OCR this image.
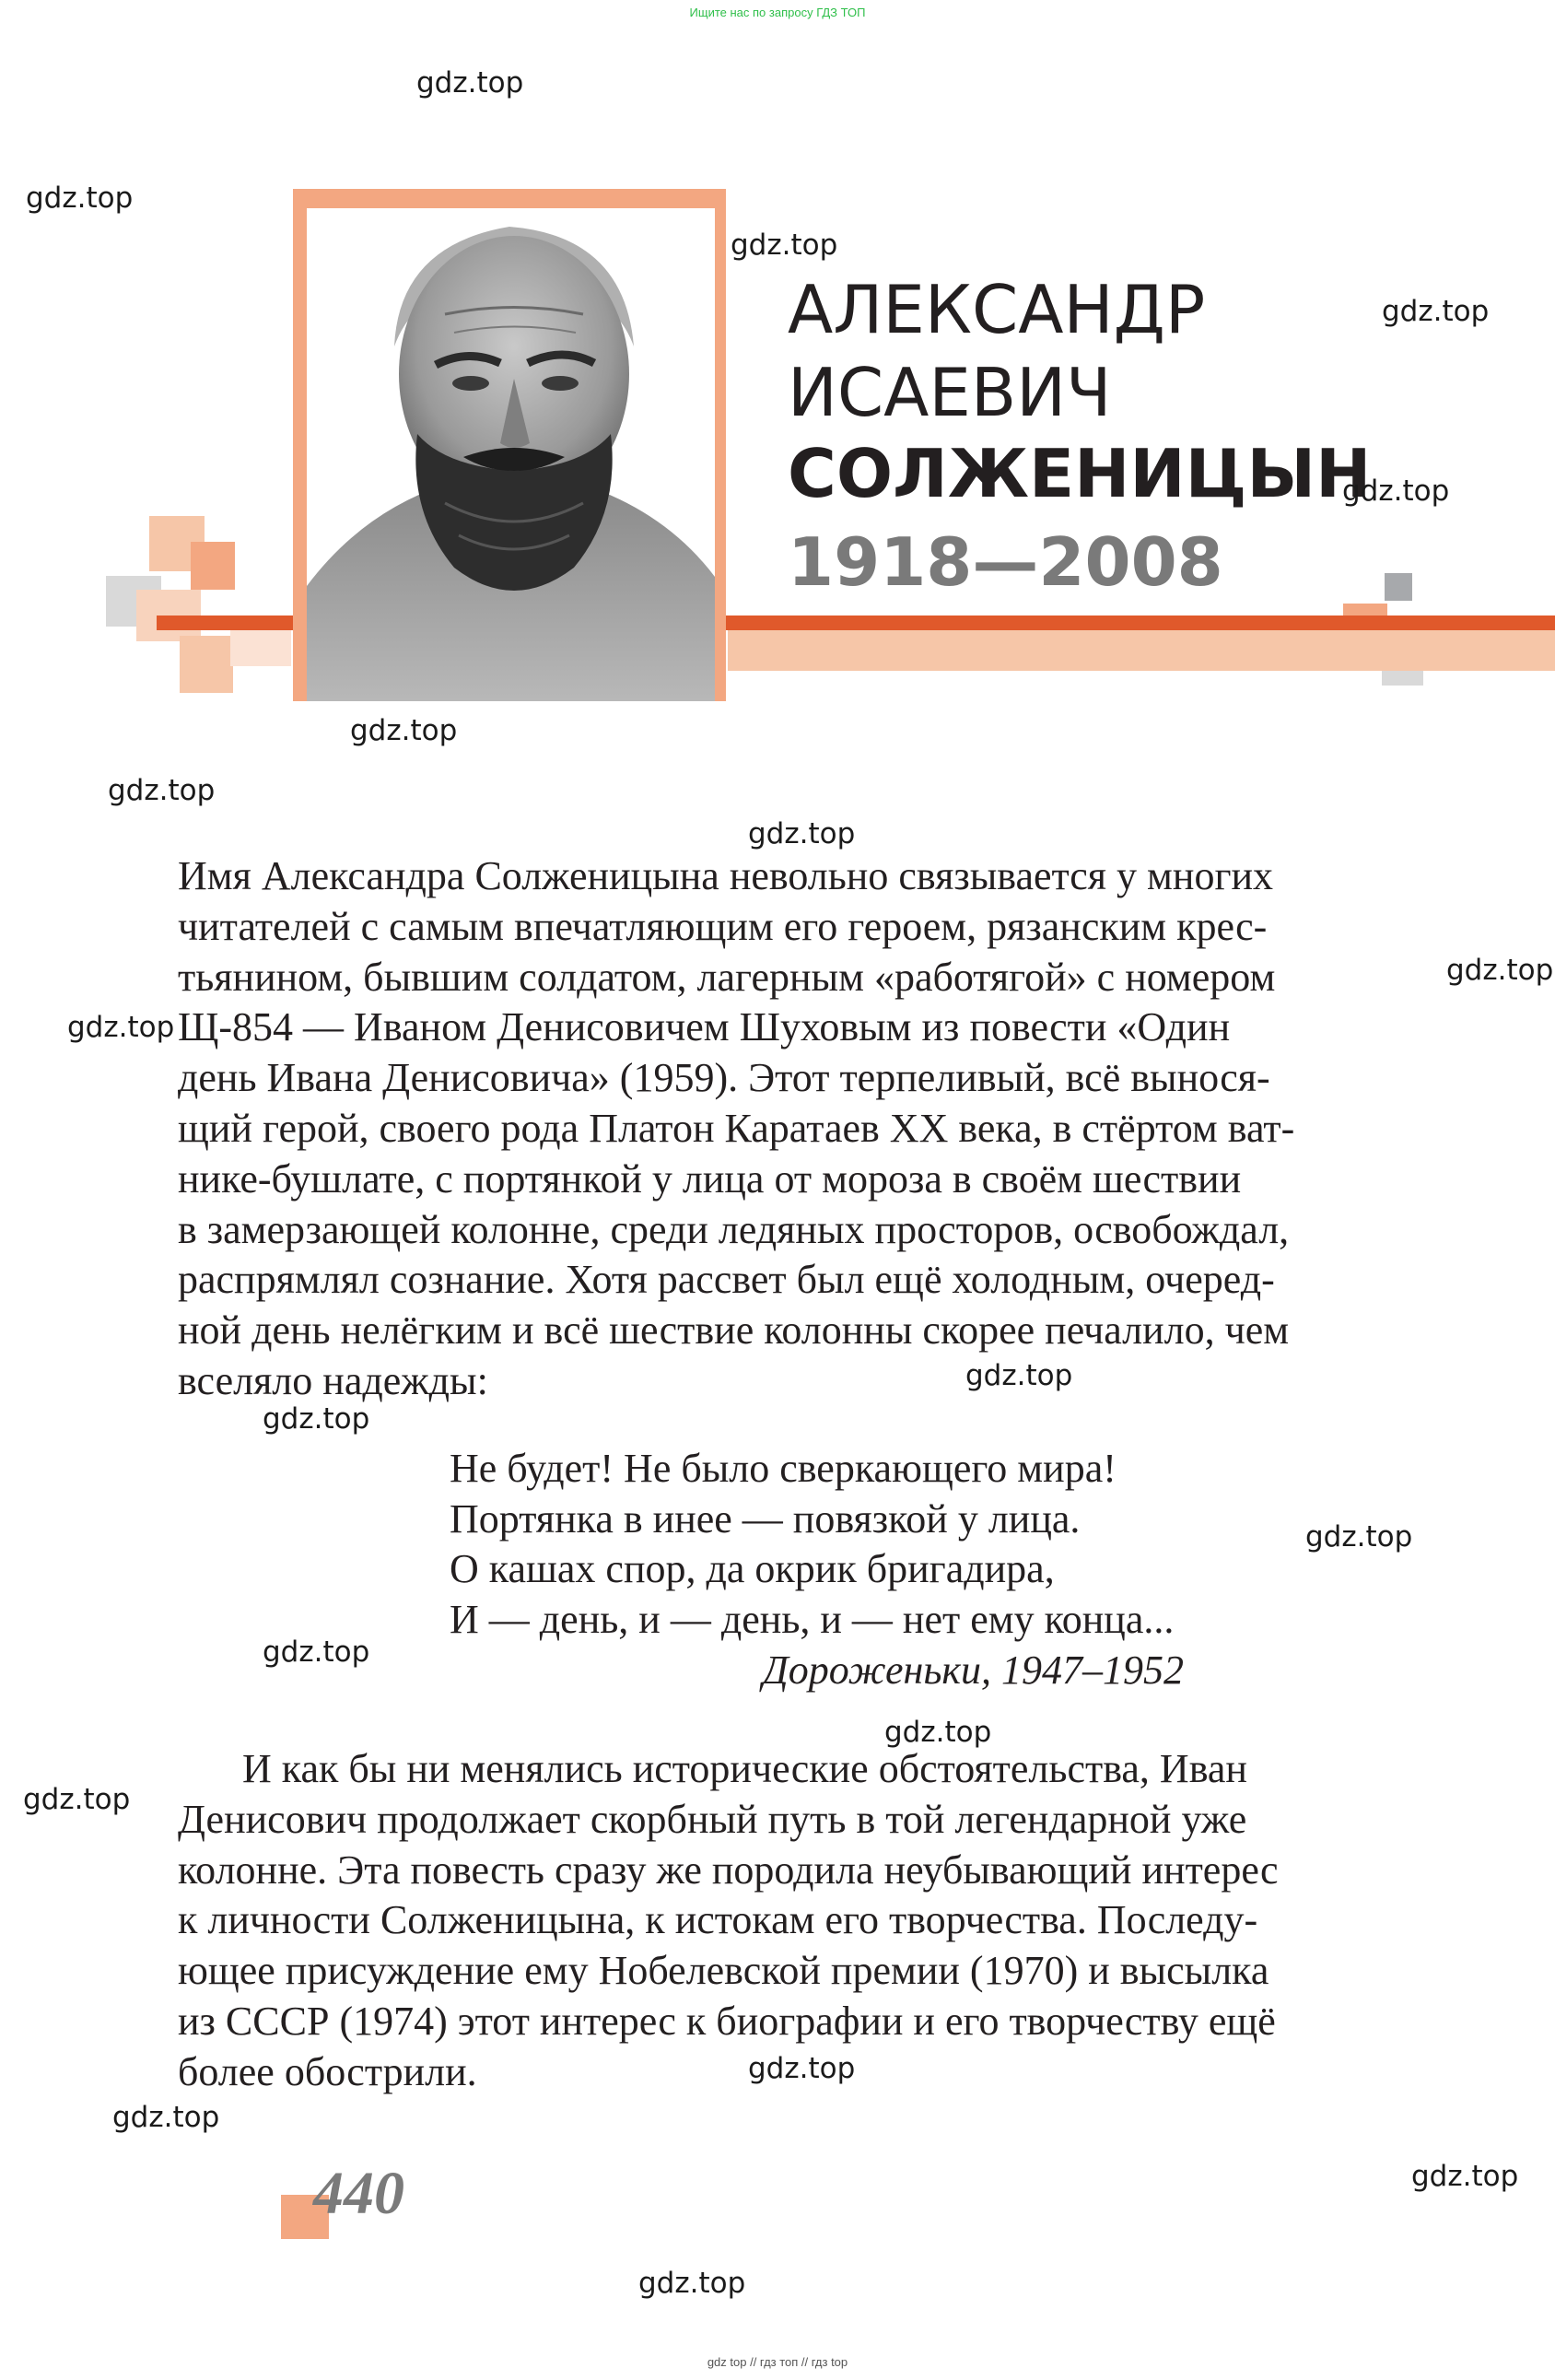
Ищите нас по запросу ГДЗ ТОП
АЛЕКСАНДР
ИСАЕВИЧ
СОЛЖЕНИЦЫН
1918—2008
Имя Александра Солженицына невольно связывается у многих
читателей с самым впечатляющим его героем, рязанским крес-
тьянином, бывшим солдатом, лагерным «работягой» с номером
Щ-854 — Иваном Денисовичем Шуховым из повести «Один
день Ивана Денисовича» (1959). Этот терпеливый, всё вынося-
щий герой, своего рода Платон Каратаев XX века, в стёртом ват-
нике-бушлате, с портянкой у лица от мороза в своём шествии
в замерзающей колонне, среди ледяных просторов, освобождал,
распрямлял сознание. Хотя рассвет был ещё холодным, очеред-
ной день нелёгким и всё шествие колонны скорее печалило, чем
вселяло надежды:
Не будет! Не было сверкающего мира!
Портянка в инее — повязкой у лица.
О кашах спор, да окрик бригадира,
И — день, и — день, и — нет ему конца...
Дороженьки, 1947–1952
И как бы ни менялись исторические обстоятельства, Иван
Денисович продолжает скорбный путь в той легендарной уже
колонне. Эта повесть сразу же породила неубывающий интерес
к личности Солженицына, к истокам его творчества. Последу-
ющее присуждение ему Нобелевской премии (1970) и высылка
из СССР (1974) этот интерес к биографии и его творчеству ещё
более обострили.
440
gdz.top
gdz.top
gdz.top
gdz.top
gdz.top
gdz.top
gdz.top
gdz.top
gdz.top
gdz.top
gdz.top
gdz.top
gdz.top
gdz.top
gdz.top
gdz.top
gdz.top
gdz.top
gdz.top
gdz.top
gdz top // гдз топ // гдз top
